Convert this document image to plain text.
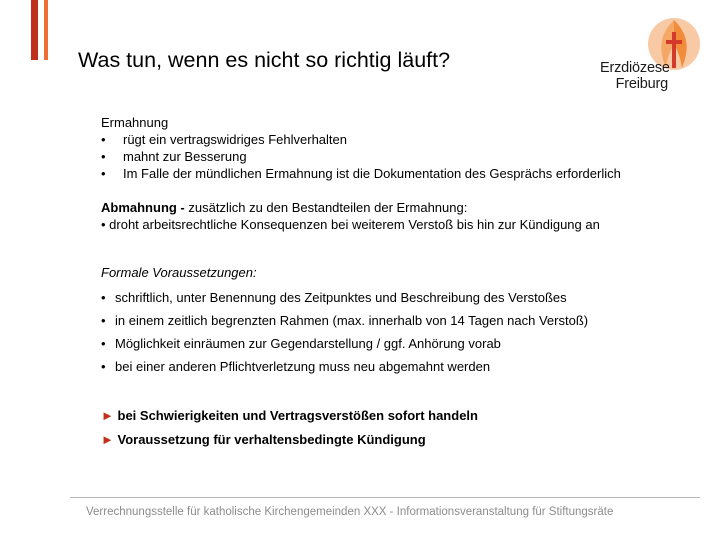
Was tun, wenn es nicht so richtig läuft?	Erzdiözese
Freiburg
Ermahnung
• rügt ein vertragswidriges Fehlverhalten
• mahnt zur Besserung
• Im Falle der mündlichen Ermahnung ist die Dokumentation des Gesprächs erforderlich
Abmahnung - zusätzlich zu den Bestandteilen der Ermahnung:
• droht arbeitsrechtliche Konsequenzen bei weiterem Verstoß bis hin zur Kündigung an
Formale Voraussetzungen:
• schriftlich, unter Benennung des Zeitpunktes und Beschreibung des Verstoßes
• in einem zeitlich begrenzten Rahmen (max. innerhalb von 14 Tagen nach Verstoß)
• Möglichkeit einräumen zur Gegendarstellung / ggf. Anhörung vorab
• bei einer anderen Pflichtverletzung muss neu abgemahnt werden
► bei Schwierigkeiten und Vertragsverstößen sofort handeln
► Voraussetzung für verhaltensbedingte Kündigung
Verrechnungsstelle für katholische Kirchengemeinden XXX - Informationsveranstaltung für Stiftungsräte
